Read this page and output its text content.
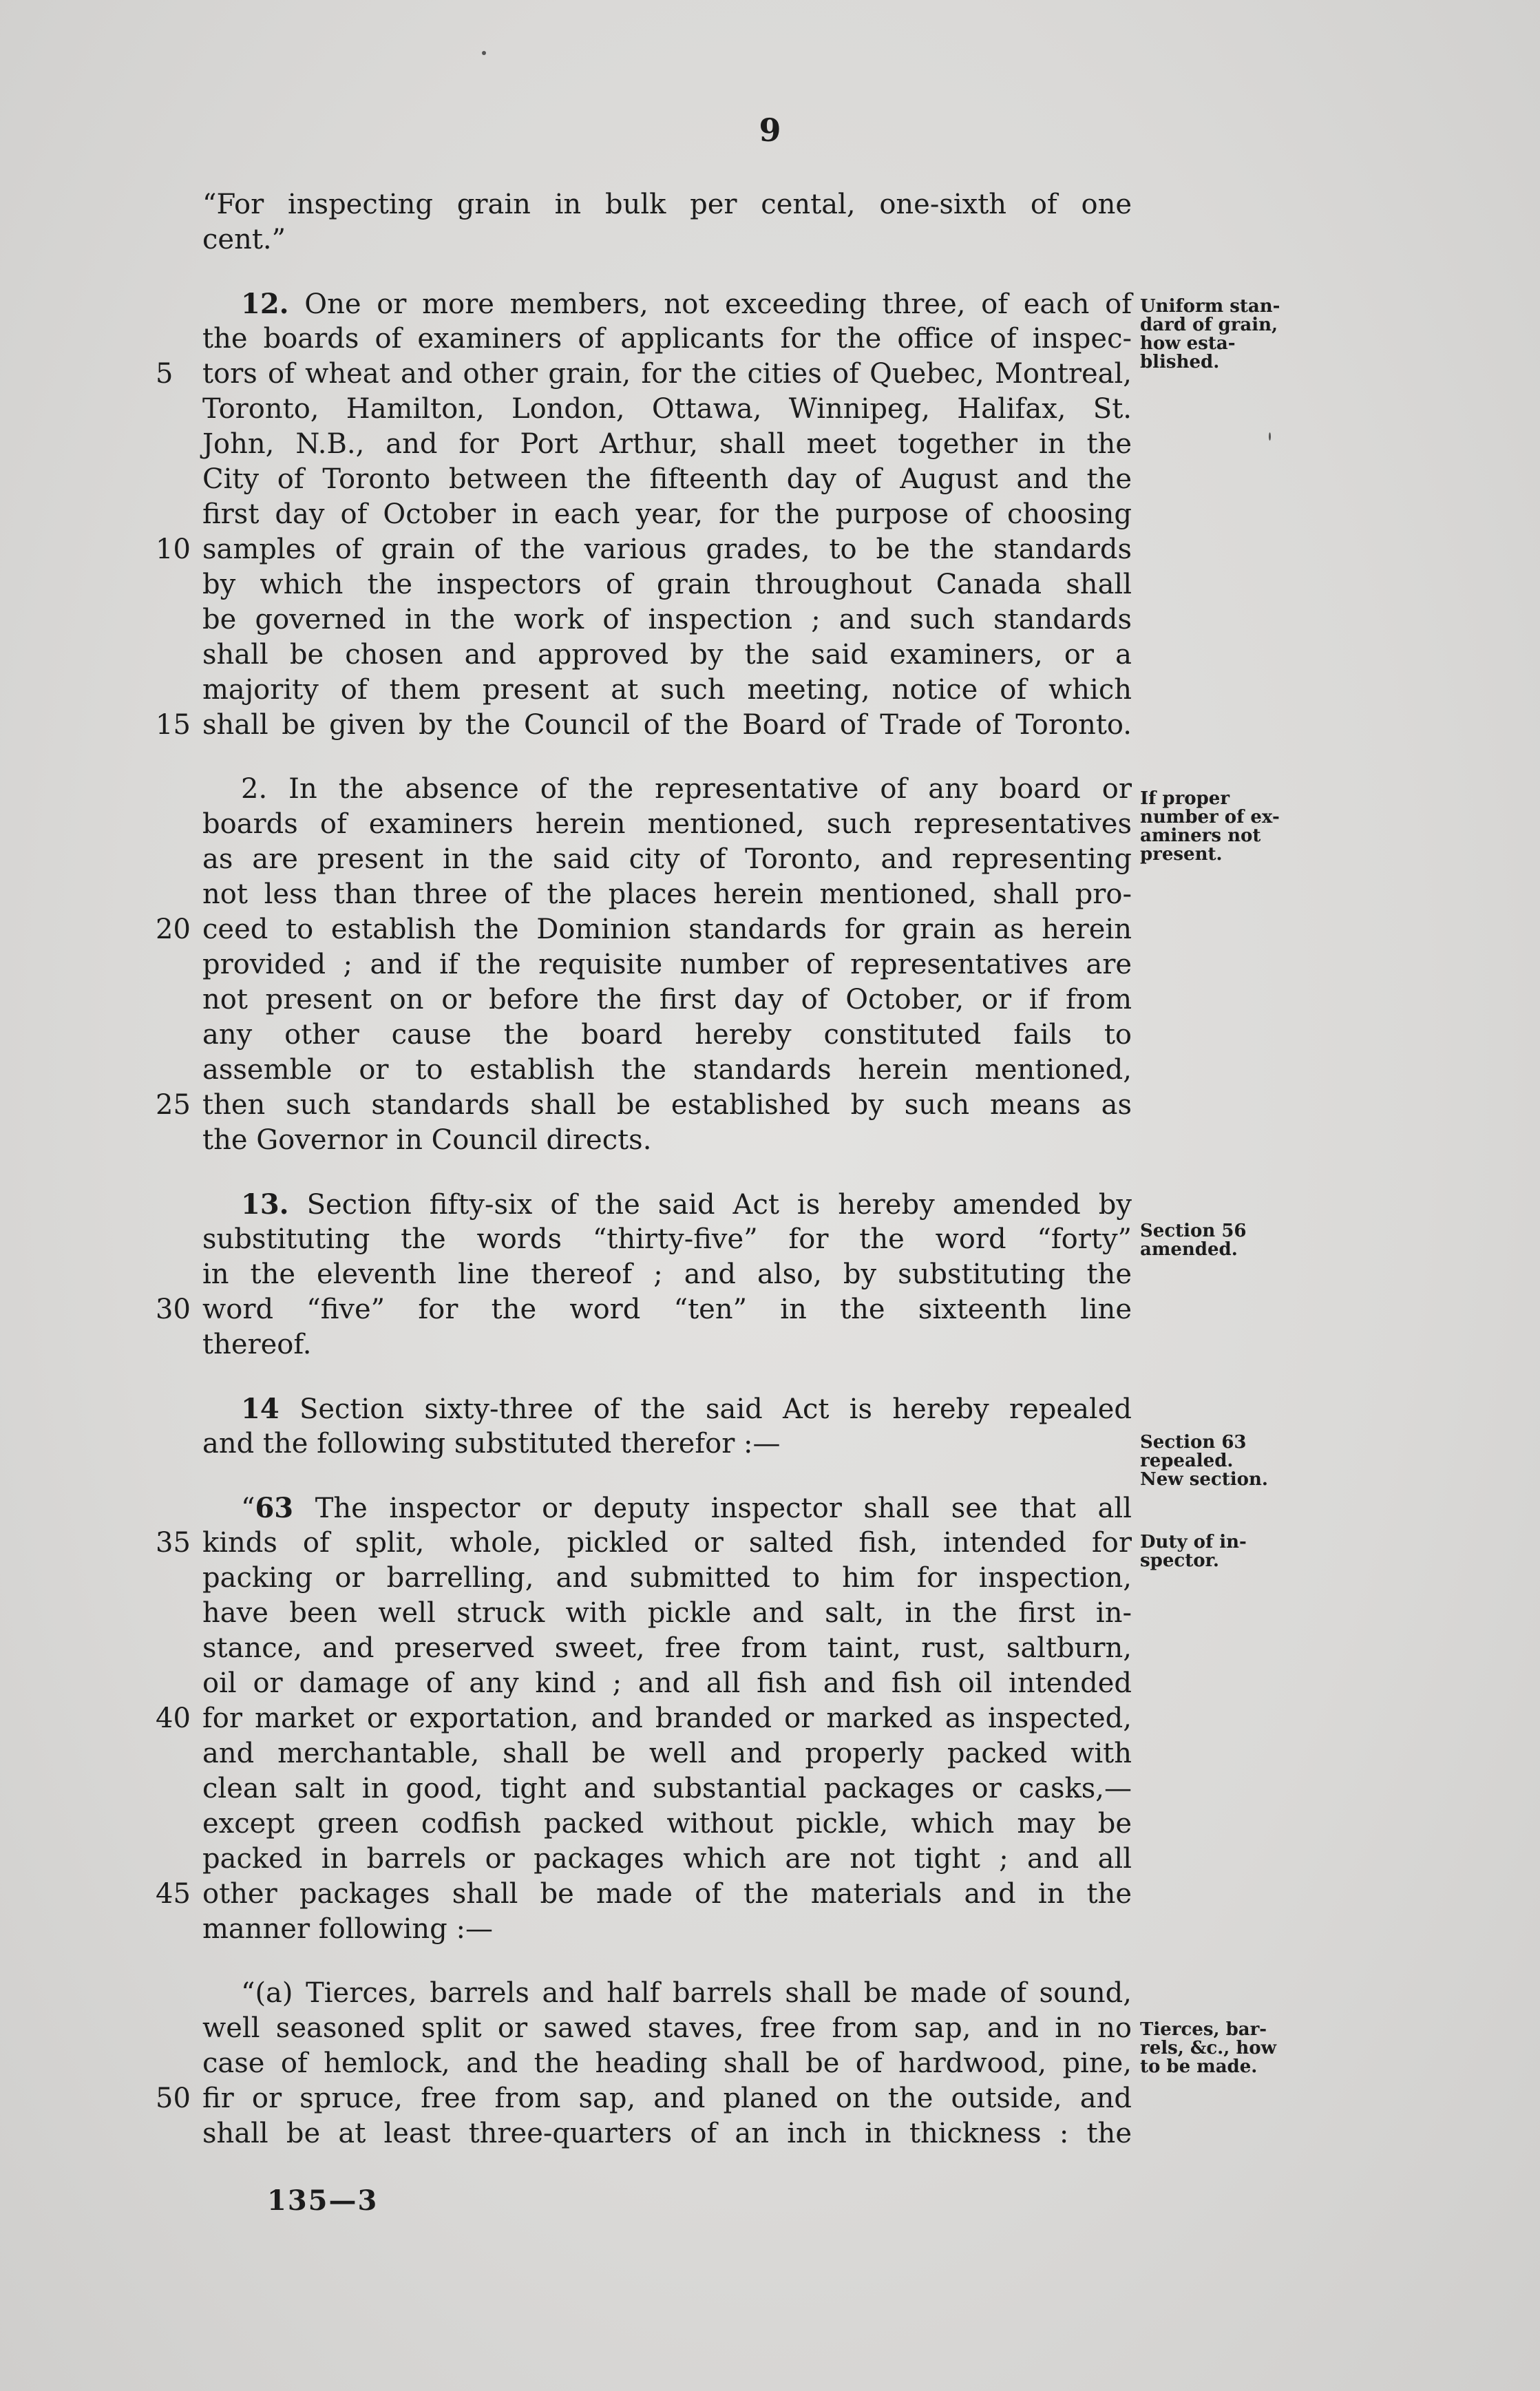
9
“For inspecting grain in bulk per cental, one-sixth of one
cent.”
12. One or more members, not exceeding three, of each of
the boards of examiners of applicants for the office of inspec-
5	tors of wheat and other grain, for the cities of Quebec, Montreal,
Toronto, Hamilton, London, Ottawa, Winnipeg, Halifax, St.
John, N.B., and for Port Arthur, shall meet together in the
City of Toronto between the fifteenth day of August and the
first day of October in each year, for the purpose of choosing
10 samples of grain of the various grades, to be the standards
by which the inspectors of grain throughout Canada shall
be governed in the work of inspection ; and such standards
shall be chosen and approved by the said examiners, or a
majority of them present at such meeting, notice of which
15 shall be given by the Council of the Board of Trade of Toronto.
2. In the absence of the representative of any board or
boards of examiners herein mentioned, such representatives
as are present in the said city of Toronto, and representing
not less than three of the places herein mentioned, shall pro-
20 ceed to establish the Dominion standards for grain as herein
provided ; and if the requisite number of representatives are
not present on or before the first day of October, or if from
any other cause the board hereby constituted fails to
assemble or to establish the standards herein mentioned,
25 then such standards shall be established by such means as
the Governor in Council directs.
13. Section fifty-six of the said Act is hereby amended by
substituting the words “thirty-five” for the word “forty”
in the eleventh line thereof ; and also, by substituting the
30 word “five” for the word “ten” in the sixteenth line
thereof.
14 Section sixty-three of the said Act is hereby repealed
and the following substituted therefor :—
“63 The inspector or deputy inspector shall see that all
35 kinds of split, whole, pickled or salted fish, intended for
packing or barrelling, and submitted to him for inspection,
have been well struck with pickle and salt, in the first in-
stance, and preserved sweet, free from taint, rust, saltburn,
oil or damage of any kind ; and all fish and fish oil intended
40 for market or exportation, and branded or marked as inspected,
and merchantable, shall be well and properly packed with
clean salt in good, tight and substantial packages or casks,—
except green codfish packed without pickle, which may be
packed in barrels or packages which are not tight ; and all
45 other packages shall be made of the materials and in the
manner following :—
“(a) Tierces, barrels and half barrels shall be made of sound,
well seasoned split or sawed staves, free from sap, and in no
case of hemlock, and the heading shall be of hardwood, pine,
50 fir or spruce, free from sap, and planed on the outside, and
shall be at least three-quarters of an inch in thickness : the
Uniform stan-
dard of grain,
how esta-
blished.
If proper
number of ex-
aminers not
present.
Section 56
amended.
Section 63
repealed.
New section.
Duty of in-
spector.
Tierces, bar-
rels, &c., how
to be made.
135—3
